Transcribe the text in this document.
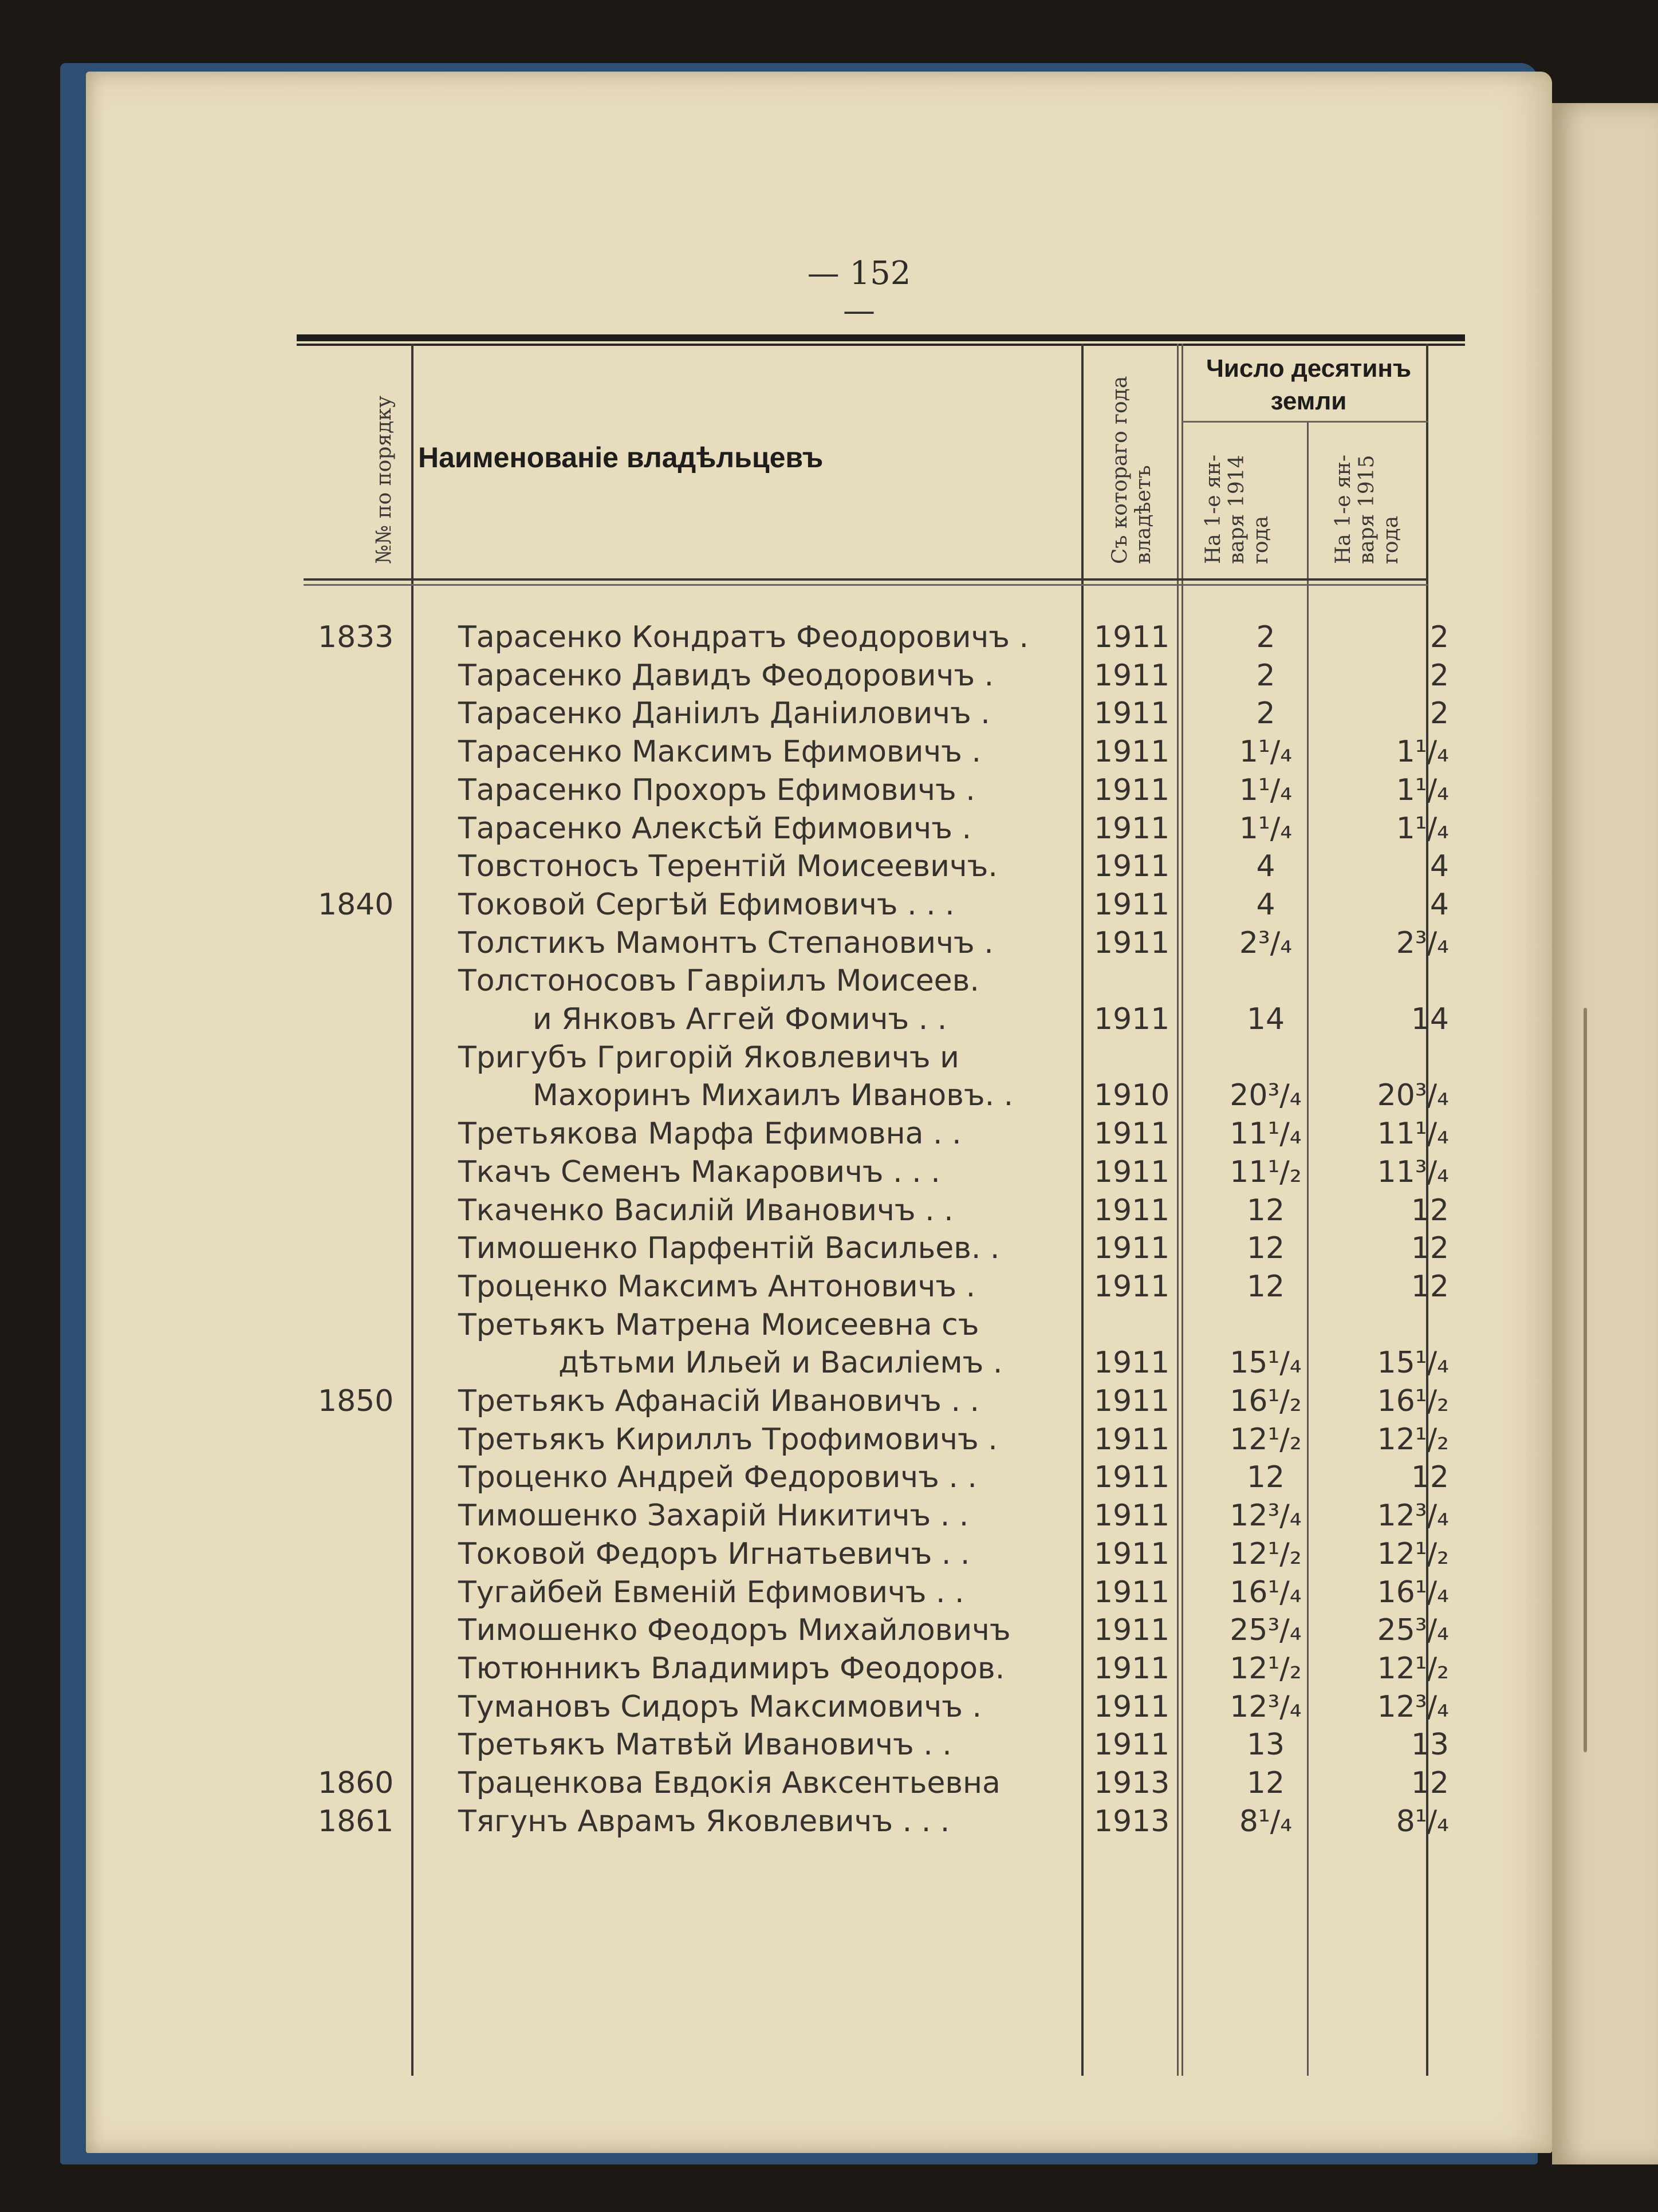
— 152 —
№№ по порядку Наименованіе владѣльцевъ	Съ котораго года владѣетъ
Число десятинъ
земли
На 1-е ян- варя 1914 года	На 1-е ян- варя 1915 года
1833 Тарасенко Кондратъ Феодоровичъ . 1911	2	2
Тарасенко Давидъ Феодоровичъ .	1911	2	2
Тарасенко Даніилъ Даніиловичъ .	1911	2	2
Тарасенко Максимъ Ефимовичъ .	1911	1¹/₄	1¹/₄
Тарасенко Прохоръ Ефимовичъ .	1911	1¹/₄	1¹/₄
Тарасенко Алексѣй Ефимовичъ .	1911	1¹/₄	1¹/₄
Товстоносъ Терентій Моисеевичъ.	1911	4	4
1840 Токовой Сергѣй Ефимовичъ . . .	1911	4	4
Толстикъ Мамонтъ Степановичъ .	1911	2³/₄	2³/₄
Толстоносовъ Гавріилъ Моисеев.
и Янковъ Аггей Фомичъ . .	1911	14	14
Тригубъ Григорій Яковлевичъ и
Махоринъ Михаилъ Ивановъ. .	1910	20³/₄	20³/₄
Третьякова Марфа Ефимовна . .	1911	11¹/₄	11¹/₄
Ткачъ Семенъ Макаровичъ . . .	1911	11¹/₂	11³/₄
Ткаченко Василій Ивановичъ . .	1911	12	12
Тимошенко Парфентій Васильев. .	1911	12	12
Троценко Максимъ Антоновичъ .	1911	12	12
Третьякъ Матрена Моисеевна съ
дѣтьми Ильей и Василіемъ .	1911	15¹/₄	15¹/₄
1850 Третьякъ Афанасій Ивановичъ . .	1911	16¹/₂	16¹/₂
Третьякъ Кириллъ Трофимовичъ .	1911	12¹/₂	12¹/₂
Троценко Андрей Федоровичъ . .	1911	12	12
Тимошенко Захарій Никитичъ . .	1911	12³/₄	12³/₄
Токовой Федоръ Игнатьевичъ . .	1911	12¹/₂	12¹/₂
Тугайбей Евменій Ефимовичъ . .	1911	16¹/₄	16¹/₄
Тимошенко Феодоръ Михайловичъ	1911	25³/₄	25³/₄
Тютюнникъ Владимиръ Феодоров.	1911	12¹/₂	12¹/₂
Тумановъ Сидоръ Максимовичъ .	1911	12³/₄	12³/₄
Третьякъ Матвѣй Ивановичъ . .	1911	13	13
1860 Траценкова Евдокія Авксентьевна	1913	12	12
1861 Тягунъ Аврамъ Яковлевичъ . . .	1913	8¹/₄	8¹/₄
